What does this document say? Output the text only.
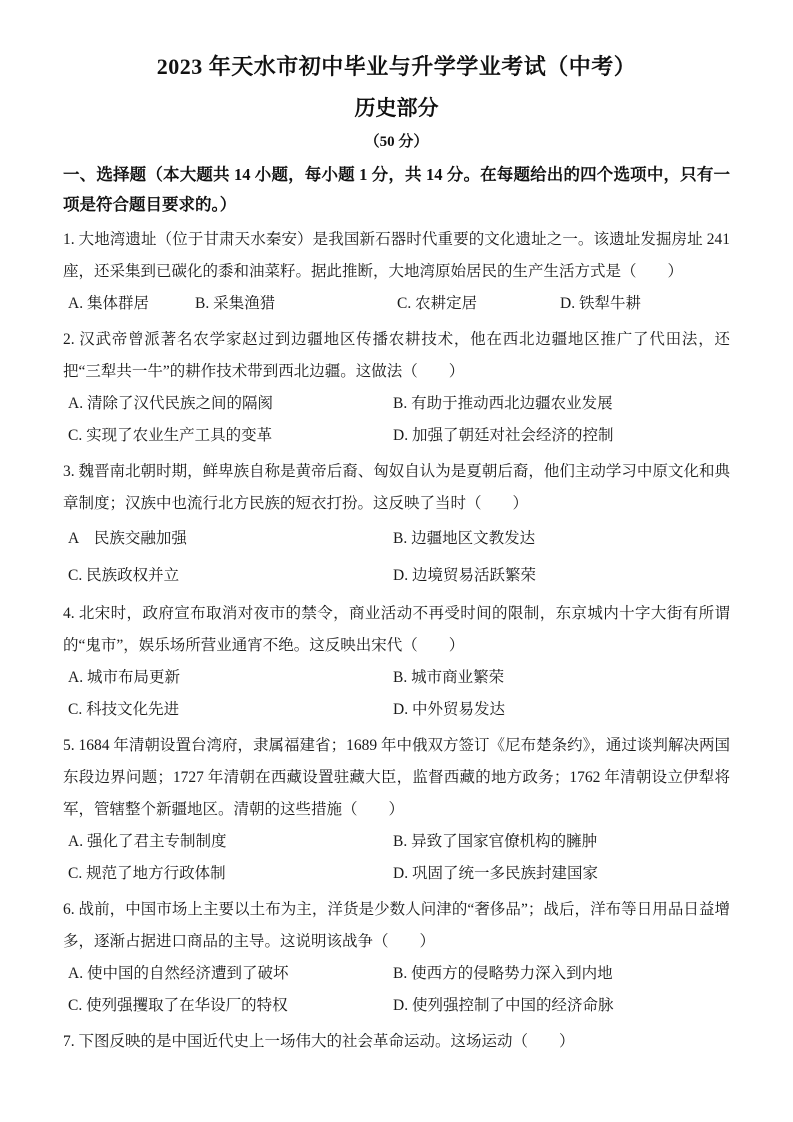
2023 年天水市初中毕业与升学学业考试（中考）
历史部分
（50 分）

一、选择题（本大题共 14 小题，每小题 1 分，共 14 分。在每题给出的四个选项中，只有一项是符合题目要求的。）

1. 大地湾遗址（位于甘肃天水秦安）是我国新石器时代重要的文化遗址之一。该遗址发掘房址 241 座，还采集到已碳化的黍和油菜籽。据此推断，大地湾原始居民的生产生活方式是（　　）

A. 集体群居	B. 采集渔猎	C. 农耕定居	D. 铁犁牛耕

2. 汉武帝曾派著名农学家赵过到边疆地区传播农耕技术，他在西北边疆地区推广了代田法，还把“三犁共一牛”的耕作技术带到西北边疆。这做法（　　）

A. 清除了汉代民族之间的隔阂	B. 有助于推动西北边疆农业发展
C. 实现了农业生产工具的变革	D. 加强了朝廷对社会经济的控制

3. 魏晋南北朝时期，鲜卑族自称是黄帝后裔、匈奴自认为是夏朝后裔，他们主动学习中原文化和典章制度；汉族中也流行北方民族的短衣打扮。这反映了当时（　　）

A　民族交融加强	B. 边疆地区文教发达
C. 民族政权并立	D. 边境贸易活跃繁荣

4. 北宋时，政府宣布取消对夜市的禁令，商业活动不再受时间的限制，东京城内十字大街有所谓的“鬼市”，娱乐场所营业通宵不绝。这反映出宋代（　　）

A. 城市布局更新	B. 城市商业繁荣
C. 科技文化先进	D. 中外贸易发达

5. 1684 年清朝设置台湾府，隶属福建省；1689 年中俄双方签订《尼布楚条约》，通过谈判解决两国东段边界问题；1727 年清朝在西藏设置驻藏大臣，监督西藏的地方政务；1762 年清朝设立伊犁将军，管辖整个新疆地区。清朝的这些措施（　　）

A. 强化了君主专制制度	B. 异致了国家官僚机构的臃肿
C. 规范了地方行政体制	D. 巩固了统一多民族封建国家

6. 战前，中国市场上主要以土布为主，洋货是少数人问津的“奢侈品”；战后，洋布等日用品日益增多，逐渐占据进口商品的主导。这说明该战争（　　）

A. 使中国的自然经济遭到了破坏	B. 使西方的侵略势力深入到内地
C. 使列强攫取了在华设厂的特权	D. 使列强控制了中国的经济命脉

7. 下图反映的是中国近代史上一场伟大的社会革命运动。这场运动（　　）
